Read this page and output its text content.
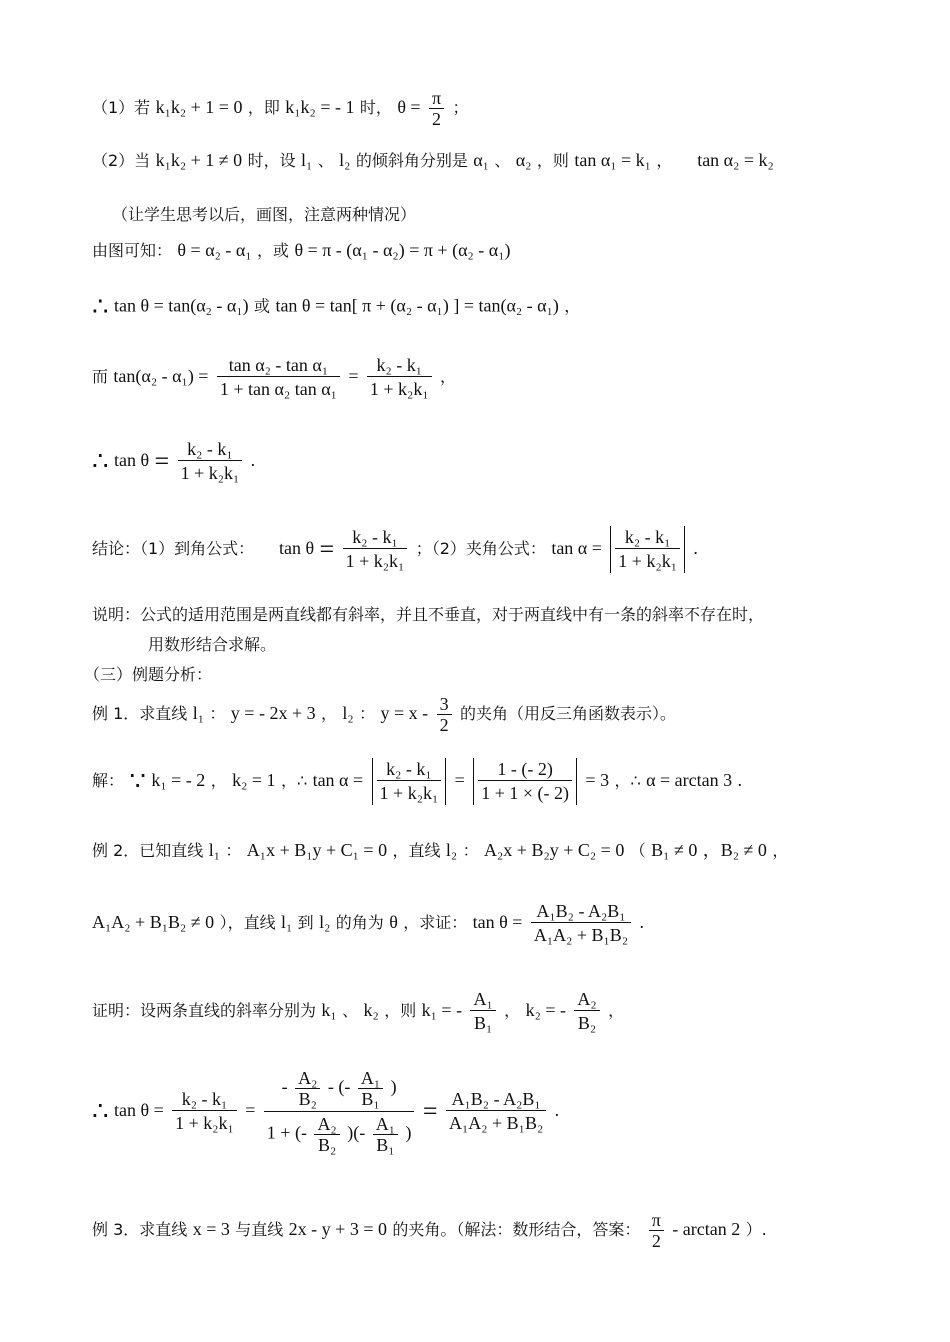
（1）若 k₁k₂ + 1 = 0 ，即 k₁k₂ = - 1 时， $\theta = \frac{\pi}{2}$ ；
（2）当 k₁k₂ + 1 ≠ 0 时，设 l₁ 、 l₂ 的倾斜角分别是 α₁ 、 α₂ ，则 tan α₁ = k₁ ， tan α₂ = k₂
（让学生思考以后，画图，注意两种情况）
由图可知： θ = α₂ - α₁ ，或 θ = π - (α₁ - α₂) = π + (α₂ - α₁)
∴ tan θ = tan(α₂ - α₁) 或 tan θ = tan[ π + (α₂ - α₁) ] = tan(α₂ - α₁) ，
而 $\tan(\alpha_2 - \alpha_1) = \frac{\text{tan α₂ - tan α₁}}{\text{1 + tan α₂ tan α₁}} = \frac{\text{k₂ - k₁}}{\text{1 + k₂k₁}}$ ，
∴ $\tan \theta = \frac{\text{k₂ - k₁}}{\text{1 + k₂k₁}}$ .
结论：（1）到角公式： $\tan \theta = \frac{\text{k₂ - k₁}}{\text{1 + k₂k₁}}$ ；（2）夹角公式： $\tan \alpha = \frac{\text{k₂ - k₁}}{\text{1 + k₂k₁}}$ .
说明：公式的适用范围是两直线都有斜率，并且不垂直，对于两直线中有一条的斜率不存在时，
用数形结合求解。
（三）例题分析：
例 1．求直线 l₁ ： y = - 2x + 3 ， l₂ ： $y = x - \frac{3}{2}$ 的夹角（用反三角函数表示）。
解： ∵ k₁ = - 2 ， k₂ = 1 ，∴ $\tan \alpha = \frac{\text{k₂ - k₁}}{\text{1 + k₂k₁}} = \frac{1 - (- 2)}{1 + 1 \times (- 2)} = 3$ ，∴ α = arctan 3 .
例 2．已知直线 l₁ ： A₁x + B₁y + C₁ = 0 ，直线 l₂ ： A₂x + B₂y + C₂ = 0 （ B₁ ≠ 0 ，B₂ ≠ 0 ，
A₁A₂ + B₁B₂ ≠ 0 ），直线 l₁ 到 l₂ 的角为 θ ，求证： $\tan \theta = \frac{\text{A₁B₂ - A₂B₁}}{\text{A₁A₂ + B₁B₂}}$ .
证明：设两条直线的斜率分别为 k₁ 、 k₂ ，则 k₁ = - $\frac{\text{A₁}}{\text{B₁}}$ ， k₂ = - $\frac{\text{A₂}}{\text{B₂}}$ ，
∴ $\tan \theta = \frac{\text{k₂ - k₁}}{\text{1 + k₂k₁}} = \frac{- \frac{\text{A₂}}{\text{B₂}} - (- \frac{\text{A₁}}{\text{B₁}} )}{1 + (- \frac{\text{A₂}}{\text{B₂}} )(- \frac{\text{A₁}}{\text{B₁}} )} = \frac{\text{A₁B₂ - A₂B₁}}{\text{A₁A₂ + B₁B₂}}$ .
例 3．求直线 x = 3 与直线 2x - y + 3 = 0 的夹角。（解法：数形结合，答案： $\frac{\pi}{2}$ - arctan 2 ）.
